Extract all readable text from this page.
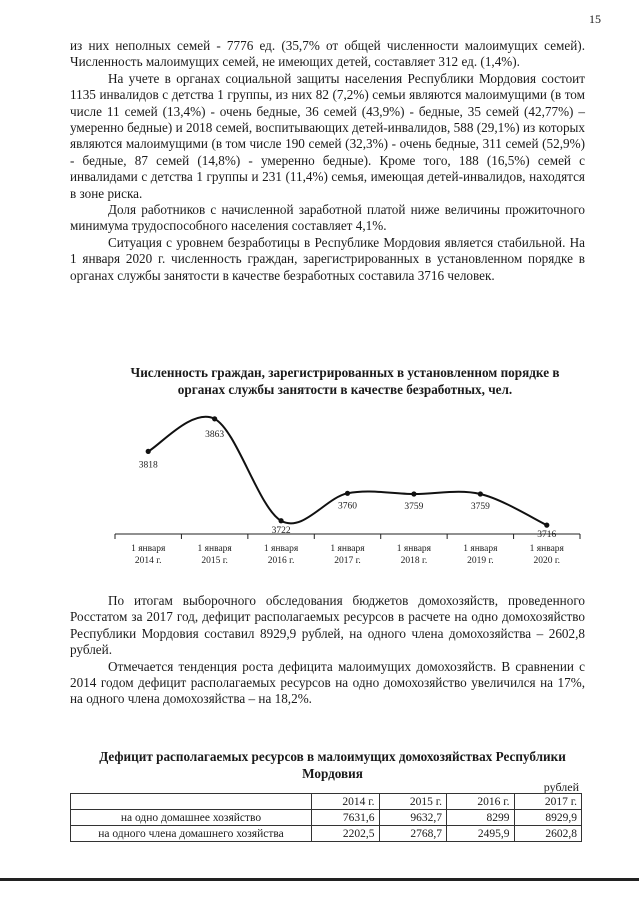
15

из них неполных семей - 7776 ед. (35,7% от общей численности малоимущих семей). Численность малоимущих семей, не имеющих детей, составляет 312 ед. (1,4%).

На учете в органах социальной защиты населения Республики Мордовия состоит 1135 инвалидов с детства 1 группы, из них 82 (7,2%) семьи являются малоимущими (в том числе 11 семей (13,4%) - очень бедные, 36 семей (43,9%) - бедные, 35 семей (42,77%) – умеренно бедные) и 2018 семей, воспитывающих детей-инвалидов, 588 (29,1%) из которых являются малоимущими (в том числе 190 семей (32,3%) - очень бедные, 311 семей (52,9%) - бедные, 87 семей (14,8%) - умеренно бедные). Кроме того, 188 (16,5%) семей с инвалидами с детства 1 группы и 231 (11,4%) семья, имеющая детей-инвалидов, находятся в зоне риска.

Доля работников с начисленной заработной платой ниже величины прожиточного минимума трудоспособного населения составляет 4,1%.

Ситуация с уровнем безработицы в Республике Мордовия является стабильной. На 1 января 2020 г. численность граждан, зарегистрированных в установленном порядке в органах службы занятости в качестве безработных составила 3716 человек.

Численность граждан, зарегистрированных в установленном порядке в органах службы занятости в качестве безработных, чел.
3818
3863
3722
3760	3759	3759
3716
1 января
2014 г.
1 января
2015 г.
1 января
2016 г.
1 января
2017 г.
1 января
2018 г.
1 января
2019 г.
1 января
2020 г.

По итогам выборочного обследования бюджетов домохозяйств, проведенного Росстатом за 2017 год, дефицит располагаемых ресурсов в расчете на одно домохозяйство Республики Мордовия составил 8929,9 рублей, на одного члена домохозяйства – 2602,8 рублей.

Отмечается тенденция роста дефицита малоимущих домохозяйств. В сравнении с 2014 годом дефицит располагаемых ресурсов на одно домохозяйство увеличился на 17%, на одного члена домохозяйства – на 18,2%.

Дефицит располагаемых ресурсов в малоимущих домохозяйствах Республики Мордовия
рублей
	2014 г.	2015 г.	2016 г.	2017 г.
на одно домашнее хозяйство	7631,6	9632,7	8299	8929,9
на одного члена домашнего хозяйства	2202,5	2768,7	2495,9	2602,8
